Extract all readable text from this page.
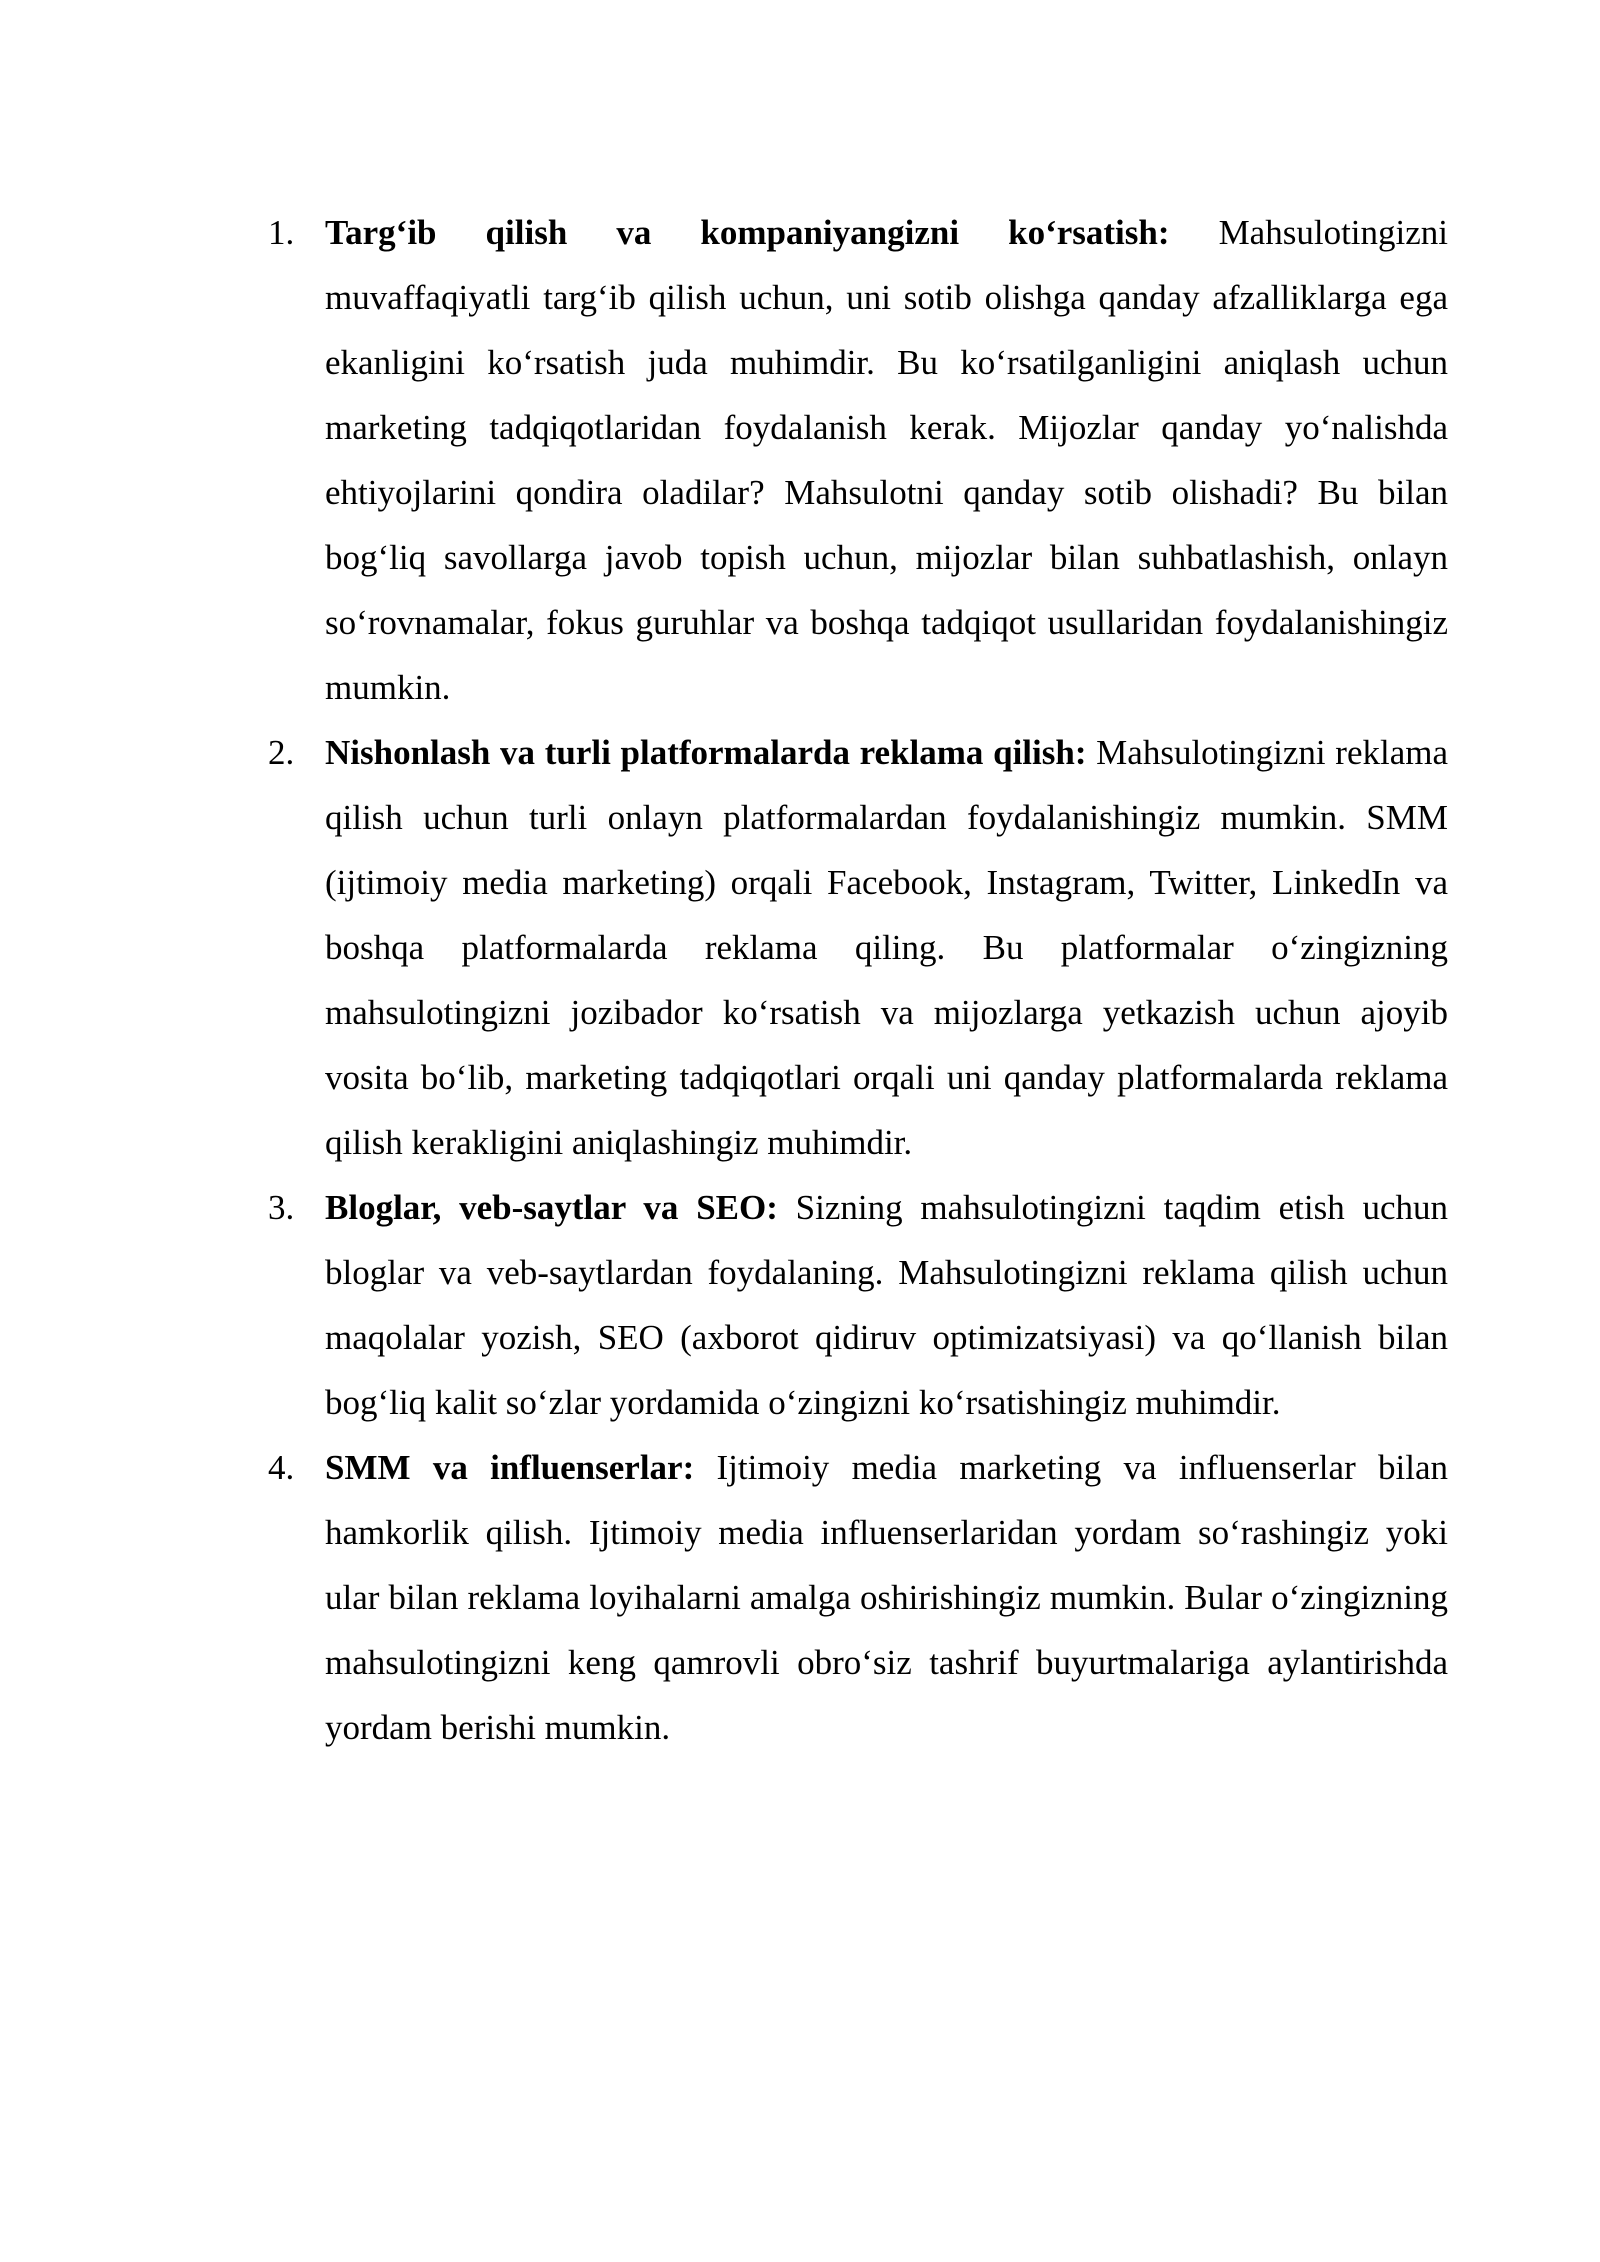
1. Targ‘ib qilish va kompaniyangizni ko‘rsatish: Mahsulotingizni muvaffaqiyatli targ‘ib qilish uchun, uni sotib olishga qanday afzalliklarga ega ekanligini ko‘rsatish juda muhimdir. Bu ko‘rsatilganligini aniqlash uchun marketing tadqiqotlaridan foydalanish kerak. Mijozlar qanday yo‘nalishda ehtiyojlarini qondira oladilar? Mahsulotni qanday sotib olishadi? Bu bilan bog‘liq savollarga javob topish uchun, mijozlar bilan suhbatlashish, onlayn so‘rovnamalar, fokus guruhlar va boshqa tadqiqot usullaridan foydalanishingiz mumkin.
2. Nishonlash va turli platformalarda reklama qilish: Mahsulotingizni reklama qilish uchun turli onlayn platformalardan foydalanishingiz mumkin. SMM (ijtimoiy media marketing) orqali Facebook, Instagram, Twitter, LinkedIn va boshqa platformalarda reklama qiling. Bu platformalar o‘zingizning mahsulotingizni jozibador ko‘rsatish va mijozlarga yetkazish uchun ajoyib vosita bo‘lib, marketing tadqiqotlari orqali uni qanday platformalarda reklama qilish kerakligini aniqlashingiz muhimdir.
3. Bloglar, veb-saytlar va SEO: Sizning mahsulotingizni taqdim etish uchun bloglar va veb-saytlardan foydalaning. Mahsulotingizni reklama qilish uchun maqolalar yozish, SEO (axborot qidiruv optimizatsiyasi) va qo‘llanish bilan bog‘liq kalit so‘zlar yordamida o‘zingizni ko‘rsatishingiz muhimdir.
4. SMM va influenserlar: Ijtimoiy media marketing va influenserlar bilan hamkorlik qilish. Ijtimoiy media influenserlaridan yordam so‘rashingiz yoki ular bilan reklama loyihalarni amalga oshirishingiz mumkin. Bular o‘zingizning mahsulotingizni keng qamrovli obro‘siz tashrif buyurtmalariga aylantirishda yordam berishi mumkin.
